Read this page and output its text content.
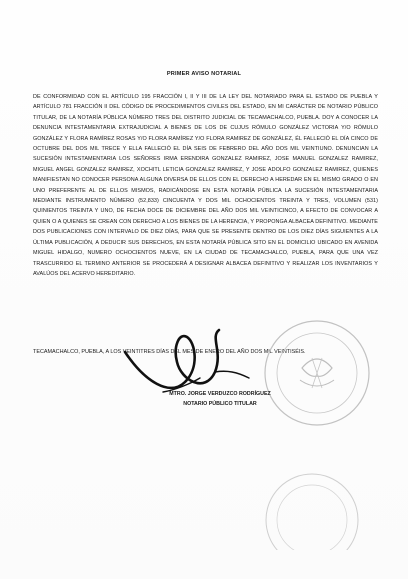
PRIMER AVISO NOTARIAL
DE CONFORMIDAD CON EL ARTÍCULO 195 FRACCIÓN I, II Y III DE LA LEY DEL NOTARIADO PARA EL ESTADO DE PUEBLA Y ARTÍCULO 781 FRACCIÓN II DEL CÓDIGO DE PROCEDIMIENTOS CIVILES DEL ESTADO, EN MI CARÁCTER DE NOTARIO PÚBLICO TITULAR, DE LA NOTARÍA PÚBLICA NÚMERO TRES DEL DISTRITO JUDICIAL DE TECAMACHALCO, PUEBLA. DOY A CONOCER LA DENUNCIA INTESTAMENTARIA EXTRAJUDICIAL A BIENES DE LOS DE CUJUS RÓMULO GONZÁLEZ VICTORIA Y/O RÓMULO GONZÁLEZ Y FLORA RAMÍREZ ROSAS Y/O FLORA RAMÍREZ Y/O FLORA RAMIREZ DE GONZÁLEZ, ÉL FALLECIÓ EL DÍA CINCO DE OCTUBRE DEL DOS MIL TRECE Y ELLA FALLECIÓ EL DÍA SEIS DE FEBRERO DEL AÑO DOS MIL VEINTIUNO. DENUNCIAN LA SUCESIÓN INTESTAMENTARIA LOS SEÑORES IRMA ERENDIRA GONZALEZ RAMIREZ, JOSE MANUEL GONZALEZ RAMIREZ, MIGUEL ANGEL GONZALEZ RAMIREZ, XOCHITL LETICIA GONZALEZ RAMIREZ, Y JOSE ADOLFO GONZALEZ RAMIREZ, QUIENES MANIFIESTAN NO CONOCER PERSONA ALGUNA DIVERSA DE ELLOS CON EL DERECHO A HEREDAR EN EL MISMO GRADO O EN UNO PREFERENTE AL DE ELLOS MISMOS, RADICÁNDOSE EN ESTA NOTARÍA PÚBLICA LA SUCESIÓN INTESTAMENTARIA MEDIANTE INSTRUMENTO NÚMERO (52,833) CINCUENTA Y DOS MIL OCHOCIENTOS TREINTA Y TRES, VOLUMEN (531) QUINIENTOS TREINTA Y UNO, DE FECHA DOCE DE DICIEMBRE DEL AÑO DOS MIL VEINTICINCO, A EFECTO DE CONVOCAR A QUIEN O A QUIENES SE CREAN CON DERECHO A LOS BIENES DE LA HERENCIA, Y PROPONGA ALBACEA DEFINITIVO. MEDIANTE DOS PUBLICACIONES CON INTERVALO DE DIEZ DÍAS, PARA QUE SE PRESENTE DENTRO DE LOS DIEZ DÍAS SIGUIENTES A LA ÚLTIMA PUBLICACIÓN, A DEDUCIR SUS DERECHOS, EN ESTA NOTARÍA PÚBLICA SITO EN EL DOMICILIO UBICADO EN AVENIDA MIGUEL HIDALGO, NUMERO OCHOCIENTOS NUEVE, EN LA CIUDAD DE TECAMACHALCO, PUEBLA, PARA QUE UNA VEZ TRASCURRIDO EL TERMINO ANTERIOR SE PROCEDERÁ A DESIGNAR ALBACEA DEFINITIVO Y REALIZAR LOS INVENTARIOS Y AVALÚOS DEL ACERVO HEREDITARIO.
TECAMACHALCO, PUEBLA, A LOS VEINTITRES DÍAS DEL MES DE ENERO DEL AÑO DOS MIL VEINTISÉIS.
MTRO. JORGE VERDUZCO RODRÍGUEZ
NOTARIO PÚBLICO TITULAR
